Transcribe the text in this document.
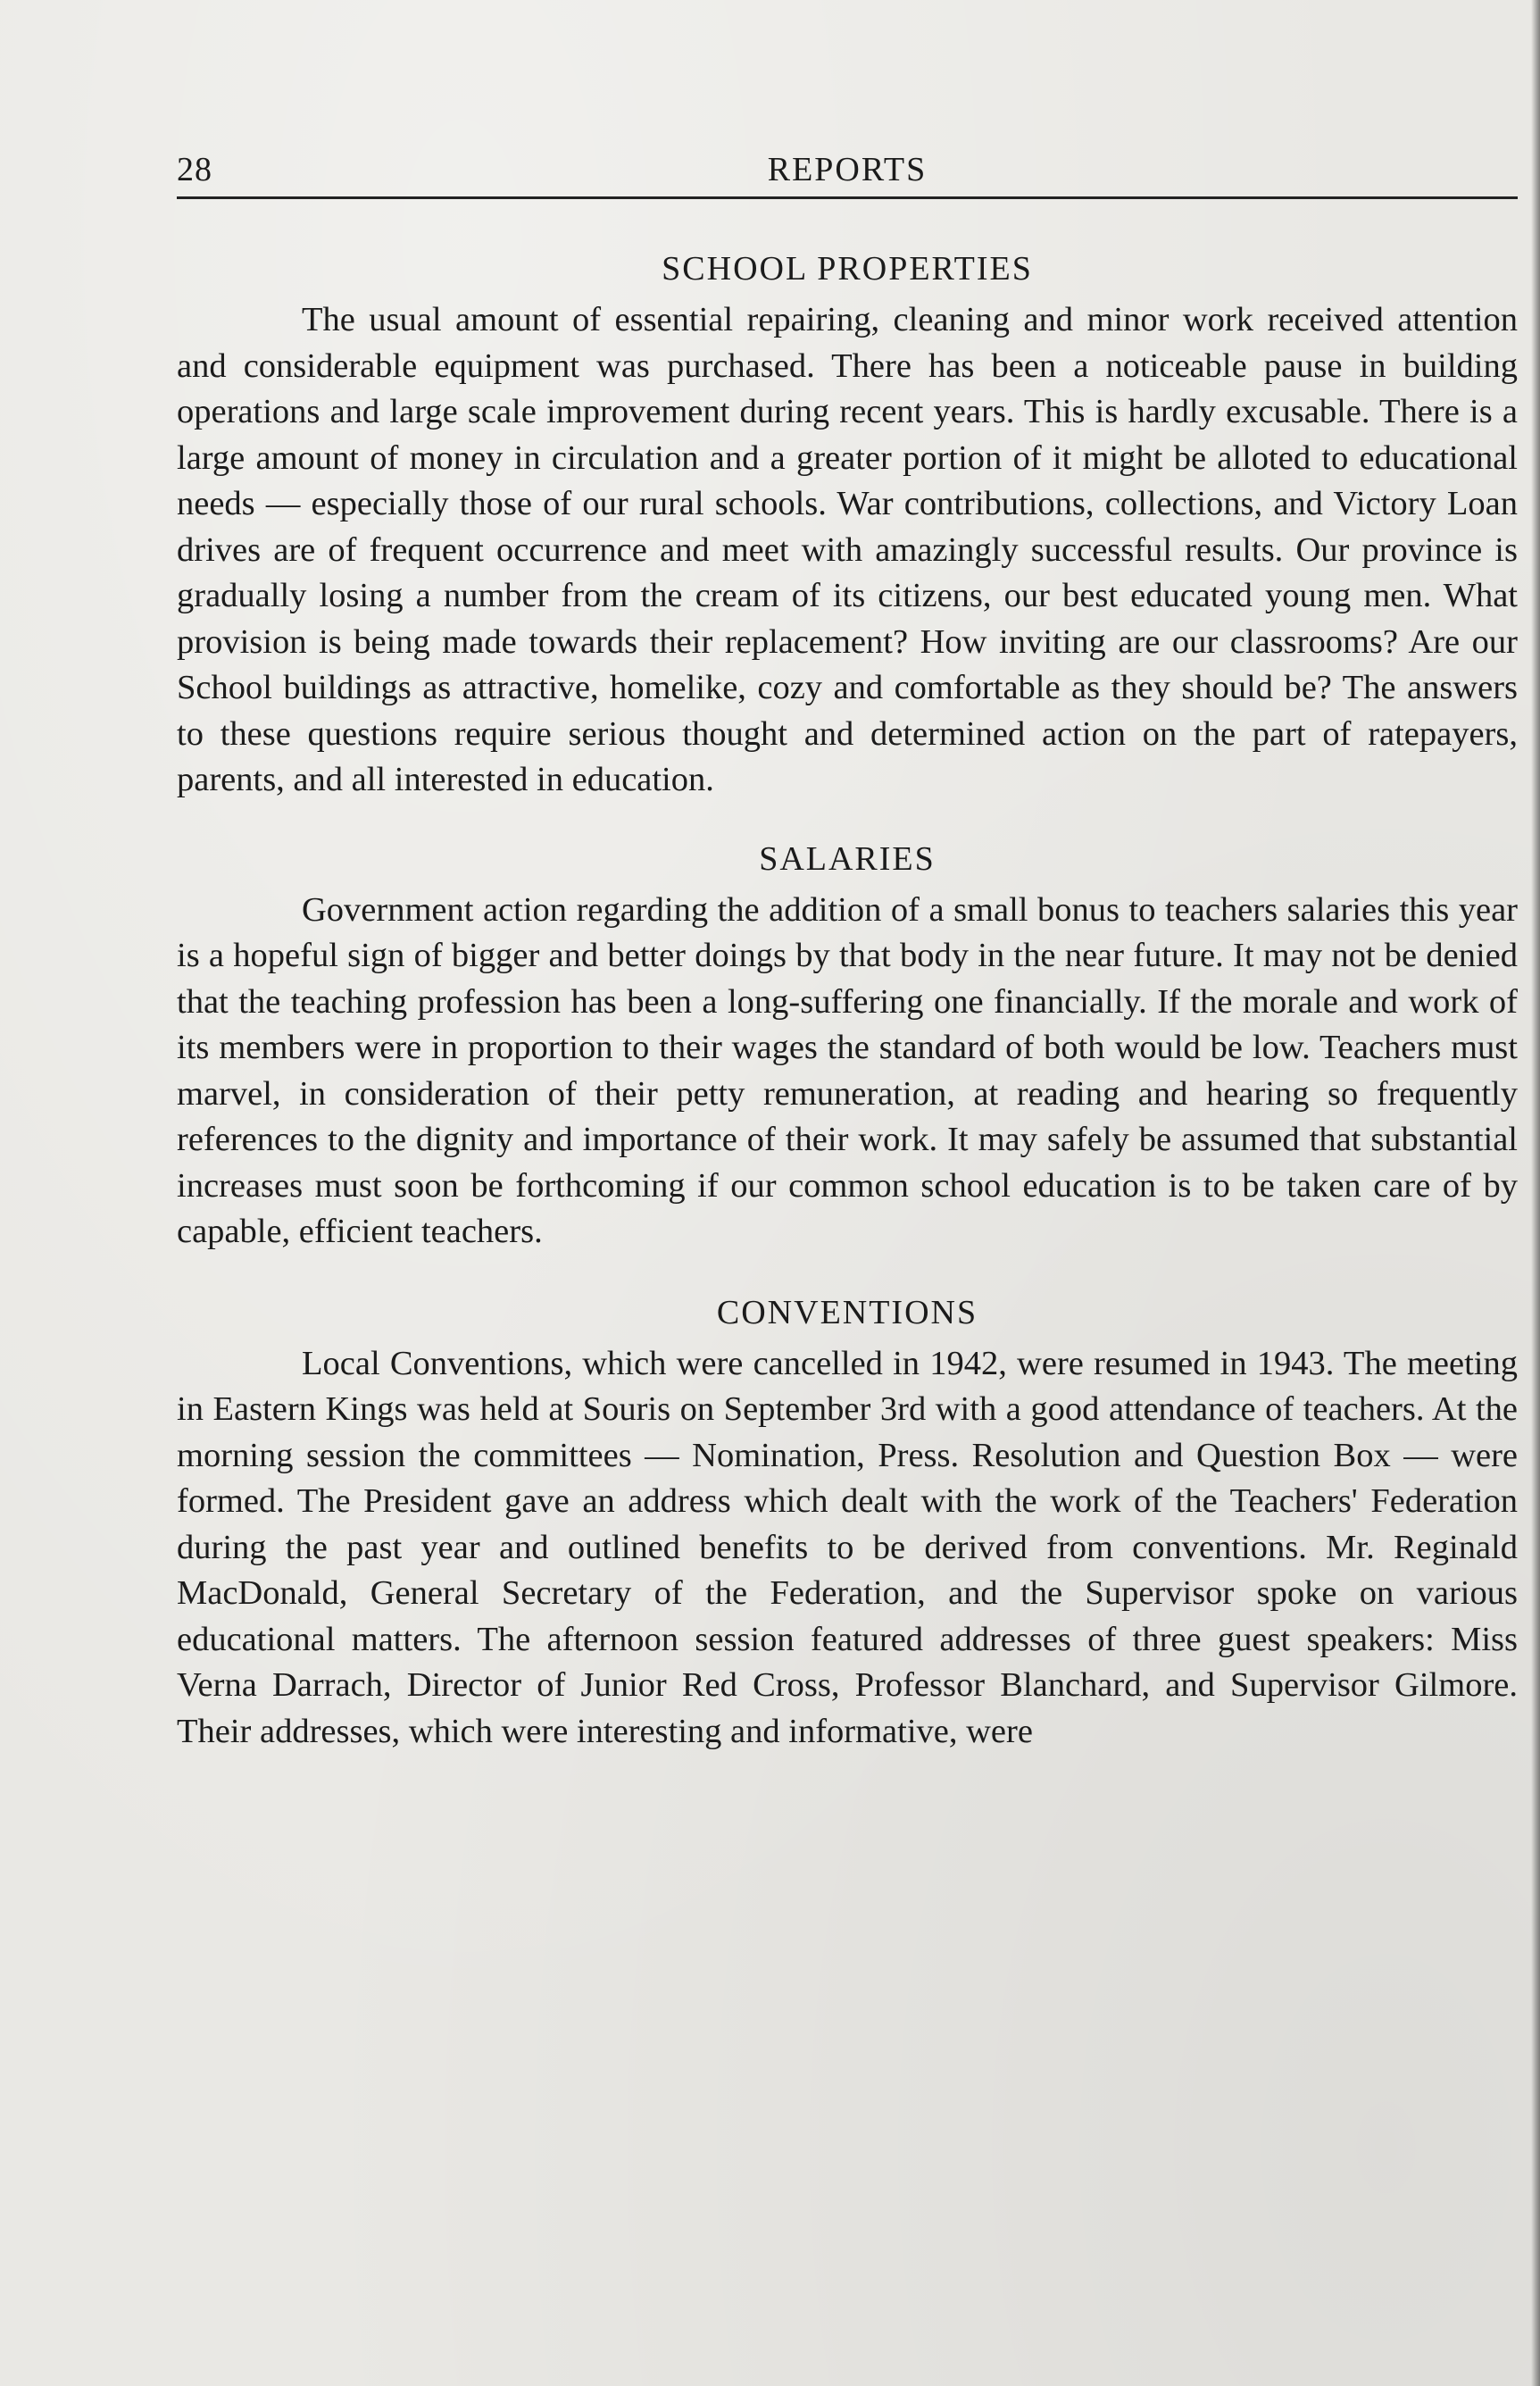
28	REPORTS
SCHOOL PROPERTIES

The usual amount of essential repairing, cleaning and minor work received attention and considerable equipment was purchased. There has been a noticeable pause in building operations and large scale improvement during recent years. This is hardly excusable. There is a large amount of money in circulation and a greater portion of it might be alloted to educational needs — especially those of our rural schools. War contributions, collections, and Victory Loan drives are of frequent occurrence and meet with amazingly successful results. Our province is gradually losing a number from the cream of its citizens, our best educated young men. What provision is being made towards their replacement? How inviting are our classrooms? Are our School buildings as attractive, homelike, cozy and comfortable as they should be? The answers to these questions require serious thought and determined action on the part of ratepayers, parents, and all interested in education.

SALARIES

Government action regarding the addition of a small bonus to teachers salaries this year is a hopeful sign of bigger and better doings by that body in the near future. It may not be denied that the teaching profession has been a long-suffering one financially. If the morale and work of its members were in proportion to their wages the standard of both would be low. Teachers must marvel, in consideration of their petty remuneration, at reading and hearing so frequently references to the dignity and importance of their work. It may safely be assumed that substantial increases must soon be forthcoming if our common school education is to be taken care of by capable, efficient teachers.

CONVENTIONS

Local Conventions, which were cancelled in 1942, were resumed in 1943. The meeting in Eastern Kings was held at Souris on September 3rd with a good attendance of teachers. At the morning session the committees — Nomination, Press. Resolution and Question Box — were formed. The President gave an address which dealt with the work of the Teachers' Federation during the past year and outlined benefits to be derived from conventions. Mr. Reginald MacDonald, General Secretary of the Federation, and the Supervisor spoke on various educational matters. The afternoon session featured addresses of three guest speakers: Miss Verna Darrach, Director of Junior Red Cross, Professor Blanchard, and Supervisor Gilmore. Their addresses, which were interesting and informative, were
